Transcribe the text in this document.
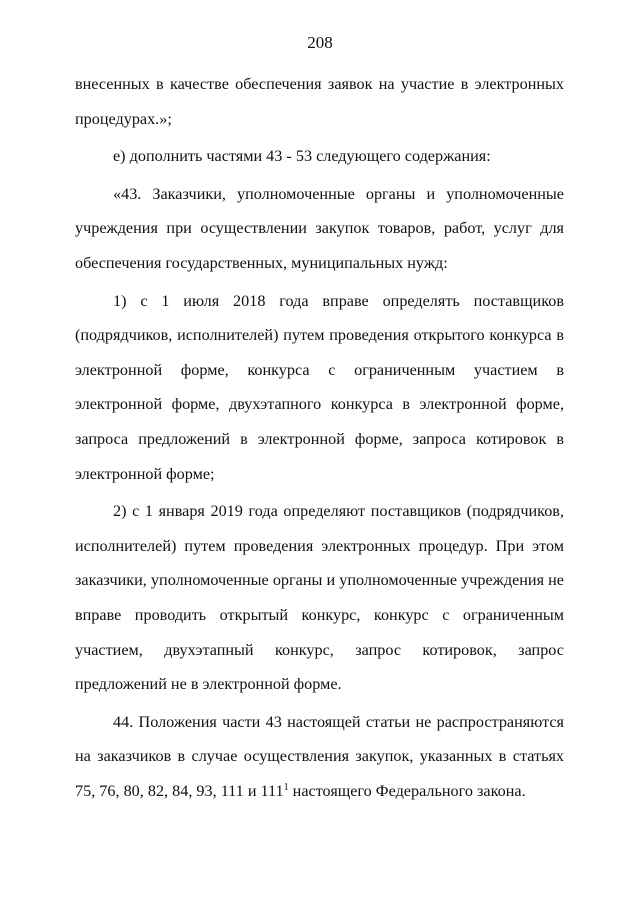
208

внесенных в качестве обеспечения заявок на участие в электронных процедурах.»;

е) дополнить частями 43 - 53 следующего содержания:

«43. Заказчики, уполномоченные органы и уполномоченные учреждения при осуществлении закупок товаров, работ, услуг для обеспечения государственных, муниципальных нужд:

1) с 1 июля 2018 года вправе определять поставщиков (подрядчиков, исполнителей) путем проведения открытого конкурса в электронной форме, конкурса с ограниченным участием в электронной форме, двухэтапного конкурса в электронной форме, запроса предложений в электронной форме, запроса котировок в электронной форме;

2) с 1 января 2019 года определяют поставщиков (подрядчиков, исполнителей) путем проведения электронных процедур. При этом заказчики, уполномоченные органы и уполномоченные учреждения не вправе проводить открытый конкурс, конкурс с ограниченным участием, двухэтапный конкурс, запрос котировок, запрос предложений не в электронной форме.

44. Положения части 43 настоящей статьи не распространяются на заказчиков в случае осуществления закупок, указанных в статьях 75, 76, 80, 82, 84, 93, 111 и $111^1$ настоящего Федерального закона.
